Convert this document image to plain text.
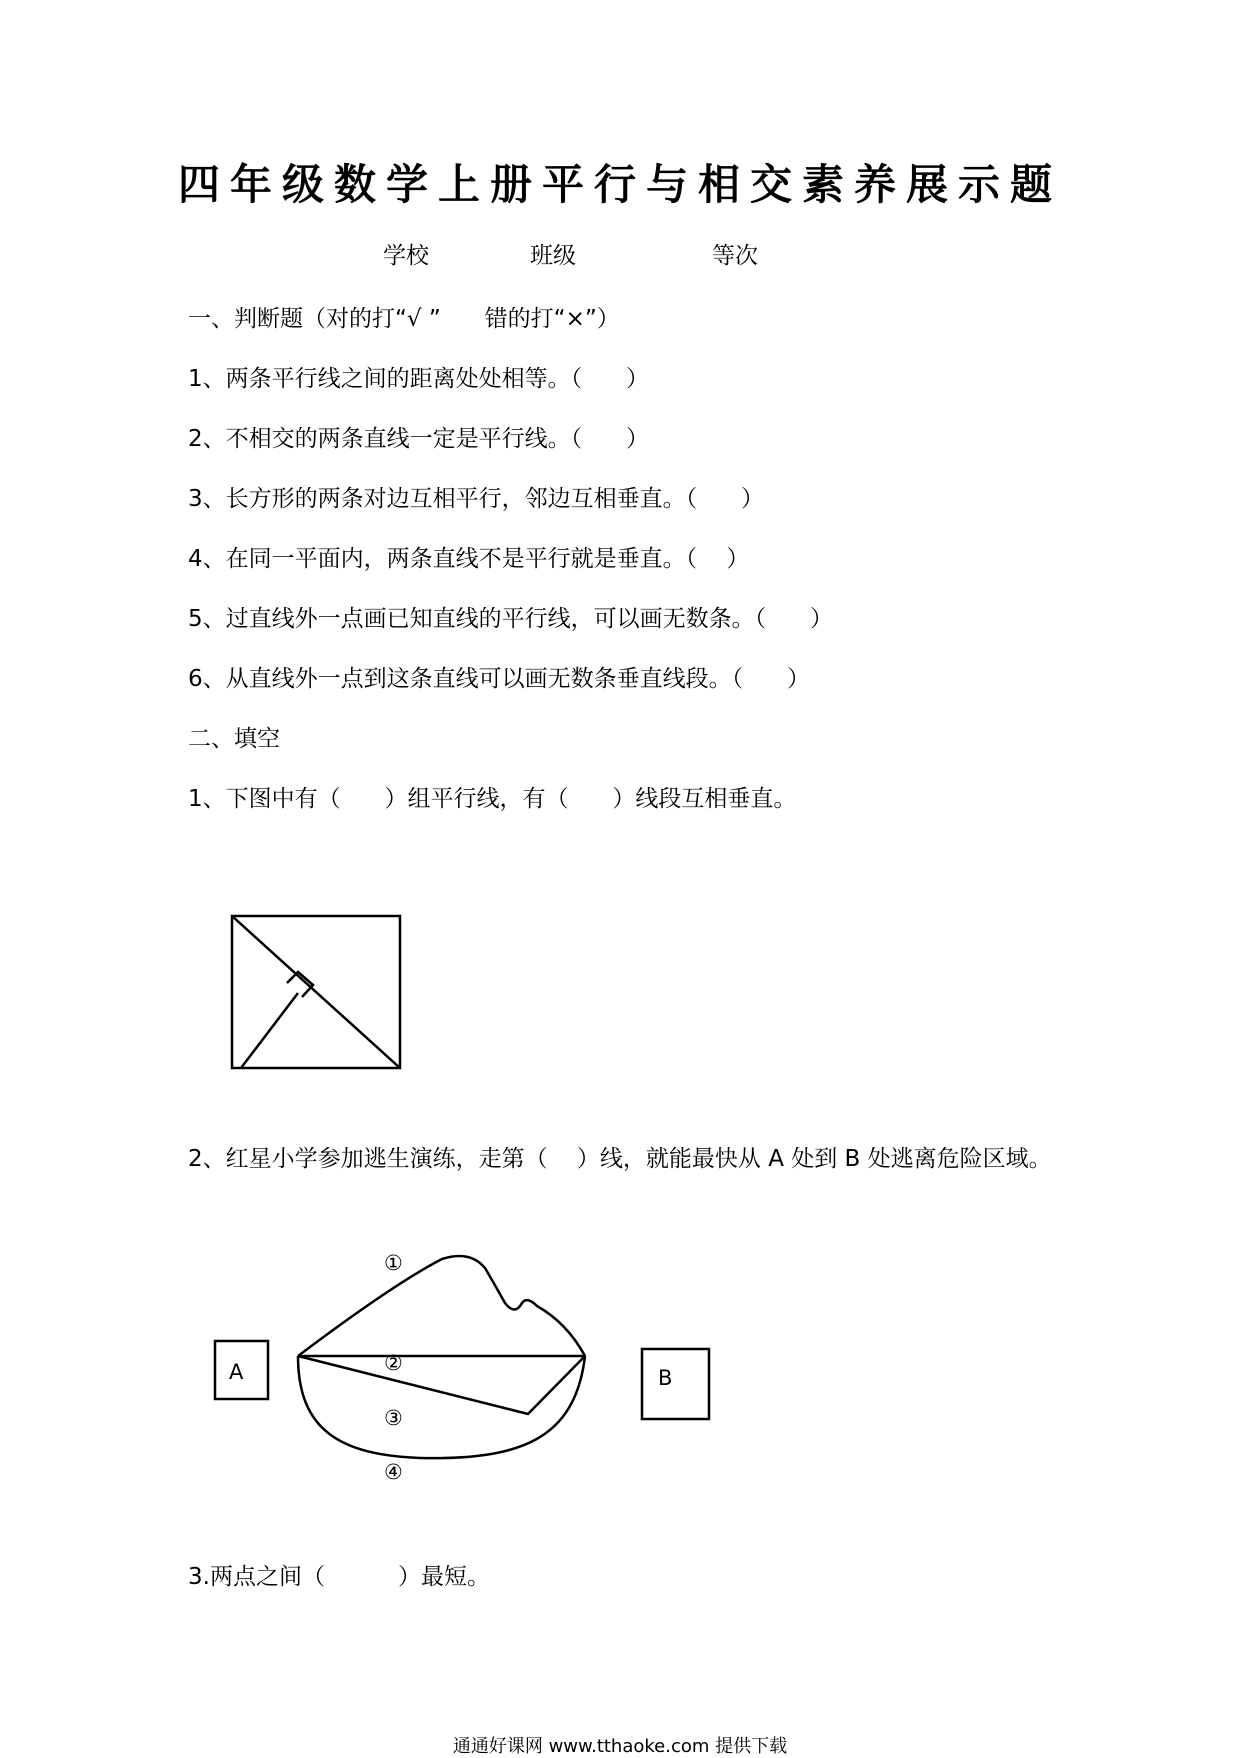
四年级数学上册平行与相交素养展示题
学校	班级	等次
一、判断题（对的打“√ ”      错的打“×”）
1、两条平行线之间的距离处处相等。（      ）
2、不相交的两条直线一定是平行线。（      ）
3、长方形的两条对边互相平行，邻边互相垂直。（      ）
4、在同一平面内，两条直线不是平行就是垂直。（    ）
5、过直线外一点画已知直线的平行线，可以画无数条。（      ）
6、从直线外一点到这条直线可以画无数条垂直线段。（      ）
二、填空
1、下图中有（      ）组平行线，有（      ）线段互相垂直。
2、红星小学参加逃生演练，走第（    ）线，就能最快从 A 处到 B 处逃离危险区域。
A	B
①
②
③
④
3.两点之间（          ）最短。
通通好课网 www.tthaoke.com 提供下载
